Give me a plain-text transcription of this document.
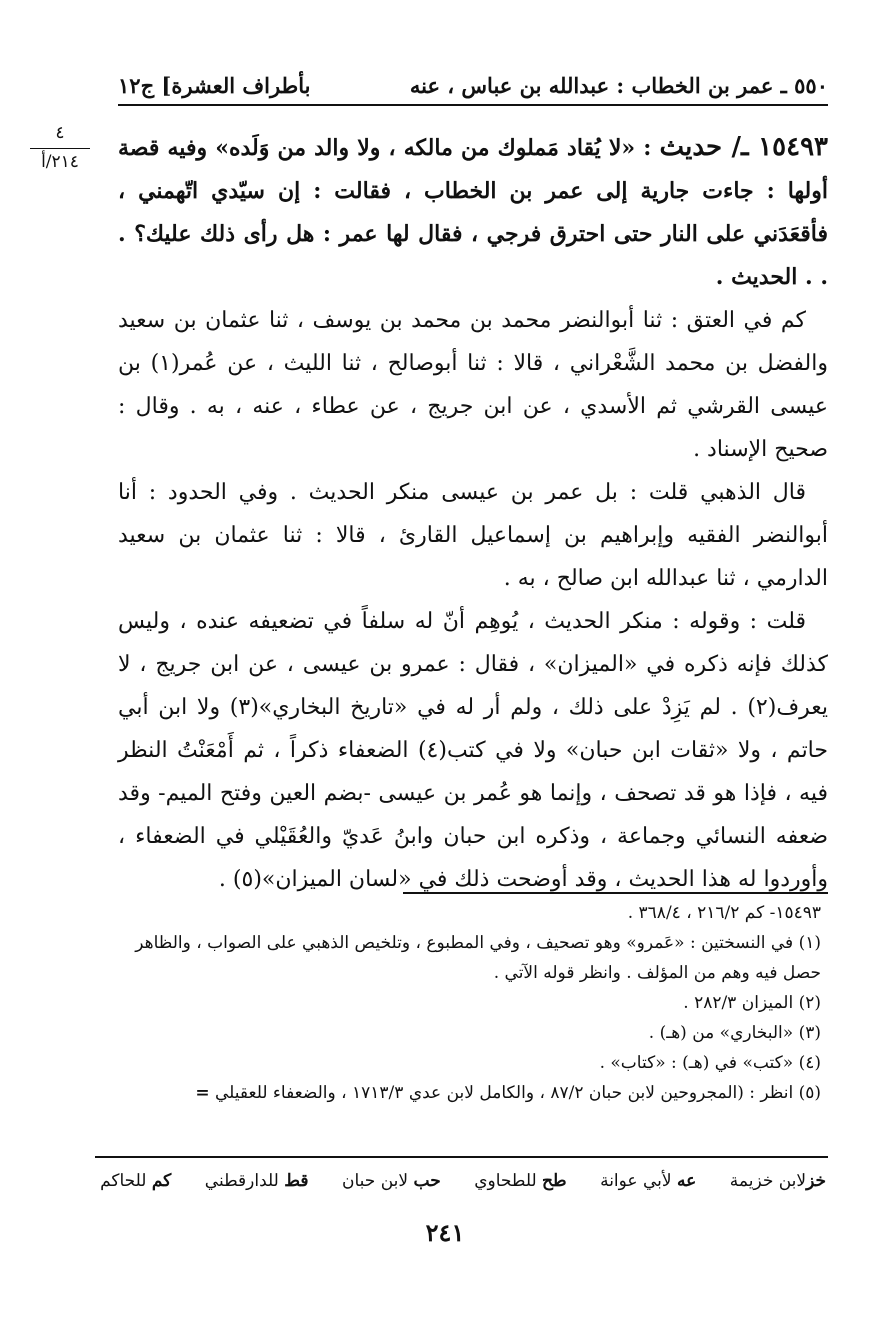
٥٥٠ ـ عمر بن الخطاب : عبدالله بن عباس ، عنه
بأطراف العشرة] ج١٢
٤
٢١٤/أ	١٥٤٩٣ ـ/ حديث : «لا يُقاد مَملوك من مالكه ، ولا والد من وَلَده» وفيه قصة أولها : جاءت جارية إلى عمر بن الخطاب ، فقالت : إن سيّدي اتّهمني ، فأقعَدَني على النار حتى احترق فرجي ، فقال لها عمر : هل رأى ذلك عليك؟ . . . الحديث .

كم في العتق : ثنا أبوالنضر محمد بن محمد بن يوسف ، ثنا عثمان بن سعيد والفضل بن محمد الشَّعْراني ، قالا : ثنا أبوصالح ، ثنا الليث ، عن عُمر(١) بن عيسى القرشي ثم الأسدي ، عن ابن جريج ، عن عطاء ، عنه ، به . وقال : صحيح الإسناد .

قال الذهبي قلت : بل عمر بن عيسى منكر الحديث . وفي الحدود : أنا أبوالنضر الفقيه وإبراهيم بن إسماعيل القارئ ، قالا : ثنا عثمان بن سعيد الدارمي ، ثنا عبدالله ابن صالح ، به .

قلت : وقوله : منكر الحديث ، يُوهِم أنّ له سلفاً في تضعيفه عنده ، وليس كذلك فإنه ذكره في «الميزان» ، فقال : عمرو بن عيسى ، عن ابن جريج ، لا يعرف(٢) . لم يَزِدْ على ذلك ، ولم أر له في «تاريخ البخاري»(٣) ولا ابن أبي حاتم ، ولا «ثقات ابن حبان» ولا في كتب(٤) الضعفاء ذكراً ، ثم أَمْعَنْتُ النظر فيه ، فإذا هو قد تصحف ، وإنما هو عُمر بن عيسى -بضم العين وفتح الميم- وقد ضعفه النسائي وجماعة ، وذكره ابن حبان وابنُ عَديّ والعُقَيْلي في الضعفاء ، وأوردوا له هذا الحديث ، وقد أوضحت ذلك في «لسان الميزان»(٥) .

١٥٤٩٣- كم ٢١٦/٢ ، ٣٦٨/٤ .

(١) في النسختين : «عَمرو» وهو تصحيف ، وفي المطبوع ، وتلخيص الذهبي على الصواب ، والظاهر حصل فيه وهم من المؤلف . وانظر قوله الآتي .

(٢) الميزان ٢٨٢/٣ .

(٣) «البخاري» من (هـ) .

(٤) «كتب» في (هـ) : «كتاب» .

(٥) انظر : (المجروحين لابن حبان ٨٧/٢ ، والكامل لابن عدي ١٧١٣/٣ ، والضعفاء للعقيلي =

خزلابن خزيمة
عه لأبي عوانة
طح للطحاوي
حب لابن حبان
قط للدارقطني
كم للحاكم
٢٤١
